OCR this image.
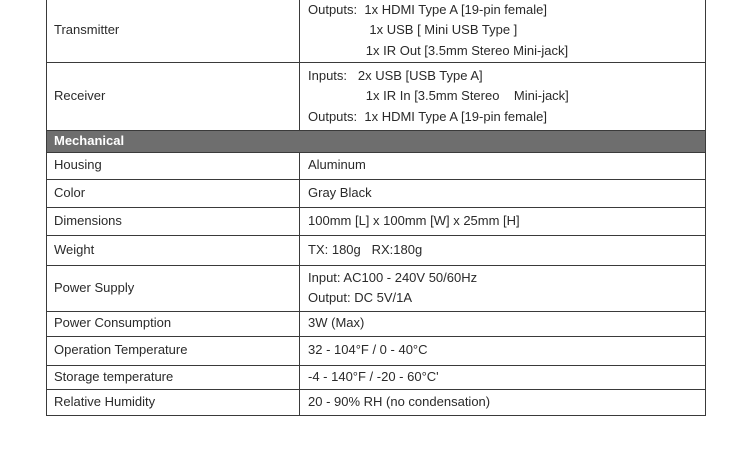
Transmitter	Outputs:  1x HDMI Type A [19-pin female]
1x USB [ Mini USB Type ]
1x IR Out [3.5mm Stereo Mini-jack]

Receiver	Inputs:   2x USB [USB Type A]
1x IR In [3.5mm Stereo    Mini-jack]
Outputs:  1x HDMI Type A [19-pin female]

Mechanical	
Housing	Aluminum

Color	Gray Black

Dimensions	100mm [L] x 100mm [W] x 25mm [H]

Weight	TX: 180g   RX:180g

Power Supply	Input: AC100 - 240V 50/60Hz
Output: DC 5V/1A

Power Consumption	3W (Max)

Operation Temperature	32 - 104°F / 0 - 40°C

Storage temperature	-4 - 140°F / -20 - 60°C'

Relative Humidity	20 - 90% RH (no condensation)
